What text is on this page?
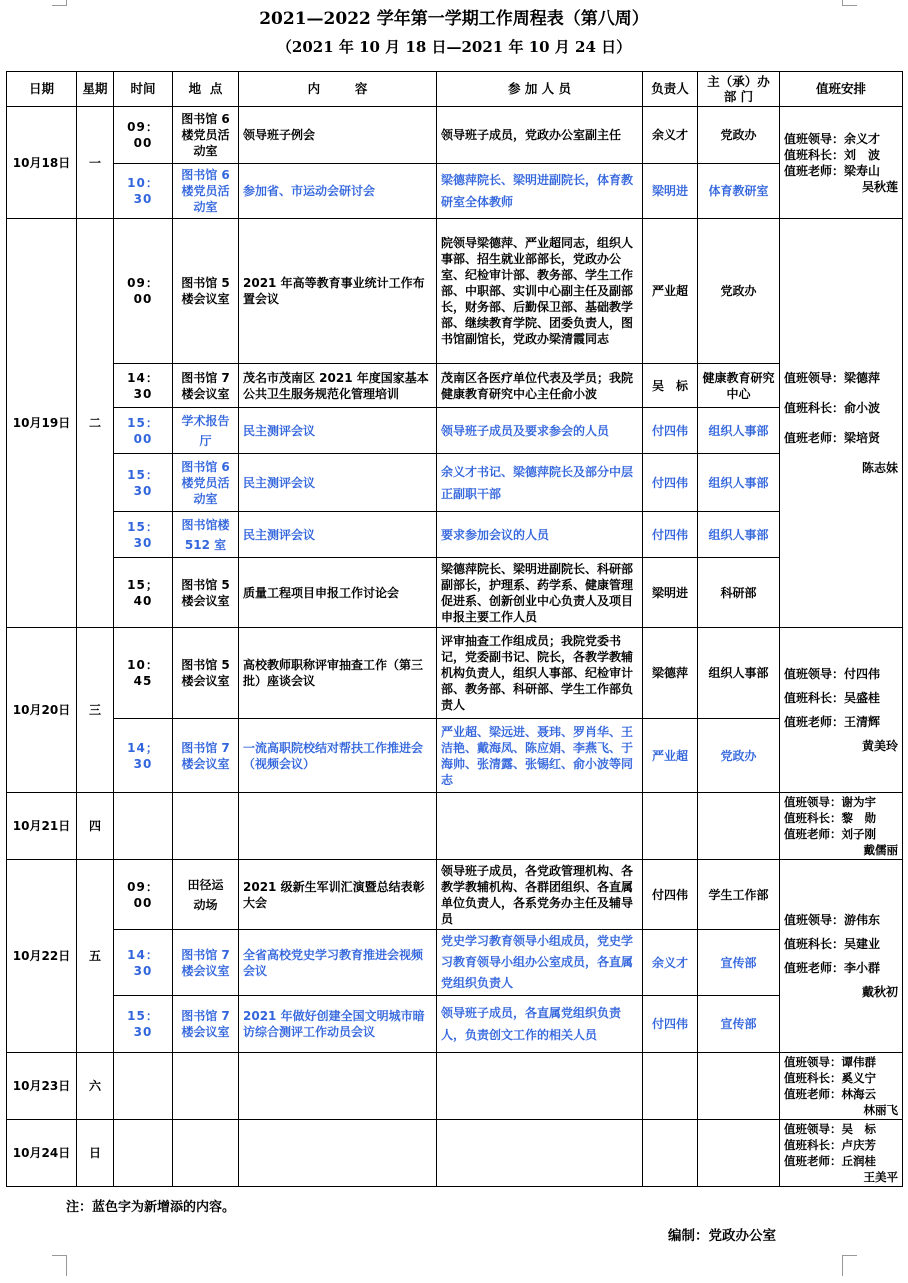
2021—2022 学年第一学期工作周程表（第八周）
（2021 年 10 月 18 日—2021 年 10 月 24 日）
日期	星期	时间	地  点	内        容	参 加 人 员	负责人	主（承）办部 门	值班安排
10月18日	一	09：00	图书馆 6 楼党员活动室	领导班子例会	领导班子成员，党政办公室副主任	余义才	党政办	值班领导：余义才
值班科长：刘　波
值班老师：梁寿山
吴秋莲

		10：30	图书馆 6 楼党员活动室	参加省、市运动会研讨会	梁德萍院长、梁明进副院长，体育教研室全体教师	梁明进	体育教研室	
10月19日	二	09：00	图书馆 5 楼会议室	2021 年高等教育事业统计工作布置会议	院领导梁德萍、严业超同志，组织人事部、招生就业部部长，党政办公室、纪检审计部、教务部、学生工作部、中职部、实训中心副主任及副部长，财务部、后勤保卫部、基础教学部、继续教育学院、团委负责人，图书馆副馆长，党政办梁清霞同志	严业超	党政办	值班领导：梁德萍
值班科长：俞小波
值班老师：梁培贤
陈志妹

		14：30	图书馆 7 楼会议室	茂名市茂南区 2021 年度国家基本公共卫生服务规范化管理培训	茂南区各医疗单位代表及学员；我院健康教育研究中心主任俞小波	吴　标	健康教育研究中心	
		15：00	学术报告厅	民主测评会议	领导班子成员及要求参会的人员	付四伟	组织人事部	
		15：30	图书馆 6 楼党员活动室	民主测评会议	余义才书记、梁德萍院长及部分中层正副职干部	付四伟	组织人事部	
		15：30	图书馆楼 512 室	民主测评会议	要求参加会议的人员	付四伟	组织人事部	
		15；40	图书馆 5 楼会议室	质量工程项目申报工作讨论会	梁德萍院长、梁明进副院长、科研部副部长，护理系、药学系、健康管理促进系、创新创业中心负责人及项目申报主要工作人员	梁明进	科研部	
10月20日	三	10：45	图书馆 5 楼会议室	高校教师职称评审抽查工作（第三批）座谈会议	评审抽查工作组成员；我院党委书记，党委副书记、院长，各教学教辅机构负责人，组织人事部、纪检审计部、教务部、科研部、学生工作部负责人	梁德萍	组织人事部	值班领导：付四伟
值班科长：吴盛桂
值班老师：王清辉
黄美玲

		14；30	图书馆 7 楼会议室	一流高职院校结对帮扶工作推进会（视频会议）	严业超、梁远进、聂玮、罗肖华、王洁艳、戴海凤、陈应娟、李燕飞、于海帅、张清露、张锡红、俞小波等同志	严业超	党政办	
10月21日	四							值班领导：谢为宇
值班科长：黎　勋
值班老师：刘子刚
戴儒丽

10月22日	五	09：00	田径运动场	2021 级新生军训汇演暨总结表彰大会	领导班子成员，各党政管理机构、各教学教辅机构、各群团组织、各直属单位负责人，各系党务办主任及辅导员	付四伟	学生工作部	值班领导：游伟东
值班科长：吴建业
值班老师：李小群
戴秋初

		14：30	图书馆 7 楼会议室	全省高校党史学习教育推进会视频会议	党史学习教育领导小组成员，党史学习教育领导小组办公室成员，各直属党组织负责人	余义才	宣传部	
		15：30	图书馆 7 楼会议室	2021 年做好创建全国文明城市暗访综合测评工作动员会议	领导班子成员，各直属党组织负责人，负责创文工作的相关人员	付四伟	宣传部	
10月23日	六							值班领导：谭伟群
值班科长：奚义宁
值班老师：林海云
林丽飞

10月24日	日							值班领导：吴　标
值班科长：卢庆芳
值班老师：丘润桂
王美平
注：蓝色字为新增添的内容。
编制：党政办公室
